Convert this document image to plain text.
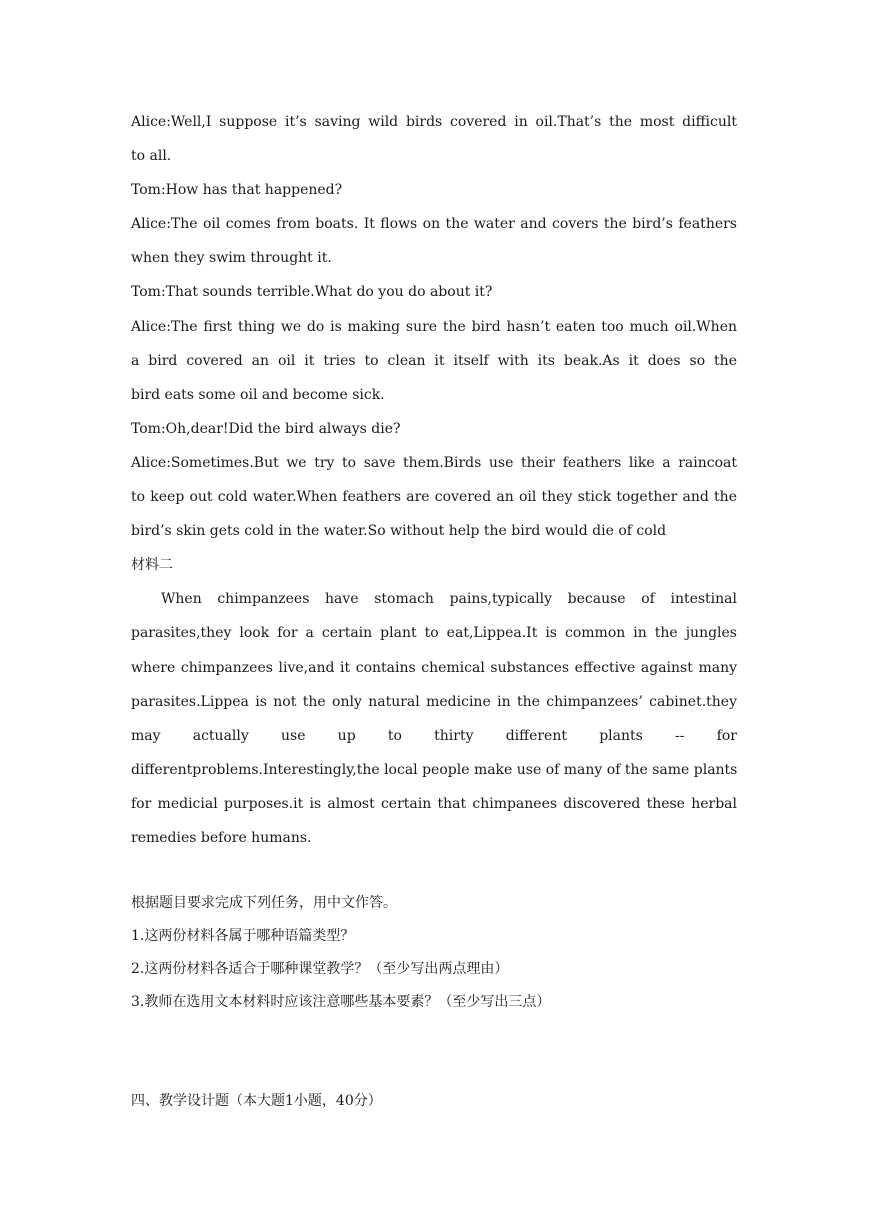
Alice:Well,I suppose it’s saving wild birds covered in oil.That’s the most difficult
to all.
Tom:How has that happened?
Alice:The oil comes from boats. It flows on the water and covers the bird’s feathers
when they swim throught it.
Tom:That sounds terrible.What do you do about it?
Alice:The first thing we do is making sure the bird hasn’t eaten too much oil.When
a bird covered an oil it tries to clean it itself with its beak.As it does so the
bird eats some oil and become sick.
Tom:Oh,dear!Did the bird always die?
Alice:Sometimes.But we try to save them.Birds use their feathers like a raincoat
to keep out cold water.When feathers are covered an oil they stick together and the
bird’s skin gets cold in the water.So without help the bird would die of cold
材料二
When chimpanzees have stomach pains,typically because of intestinal
parasites,they look for a certain plant to eat,Lippea.It is common in the jungles
where chimpanzees live,and it contains chemical substances effective against many
parasites.Lippea is not the only natural medicine in the chimpanzees’ cabinet.they
may actually use up to thirty different plants -- for
differentproblems.Interestingly,the local people make use of many of the same plants
for medicial purposes.it is almost certain that chimpanees discovered these herbal
remedies before humans.
根据题目要求完成下列任务，用中文作答。
1.这两份材料各属于哪种语篇类型？
2.这两份材料各适合于哪种课堂教学？（至少写出两点理由）
3.教师在选用文本材料时应该注意哪些基本要素？（至少写出三点）
四、教学设计题（本大题1小题，40分）
